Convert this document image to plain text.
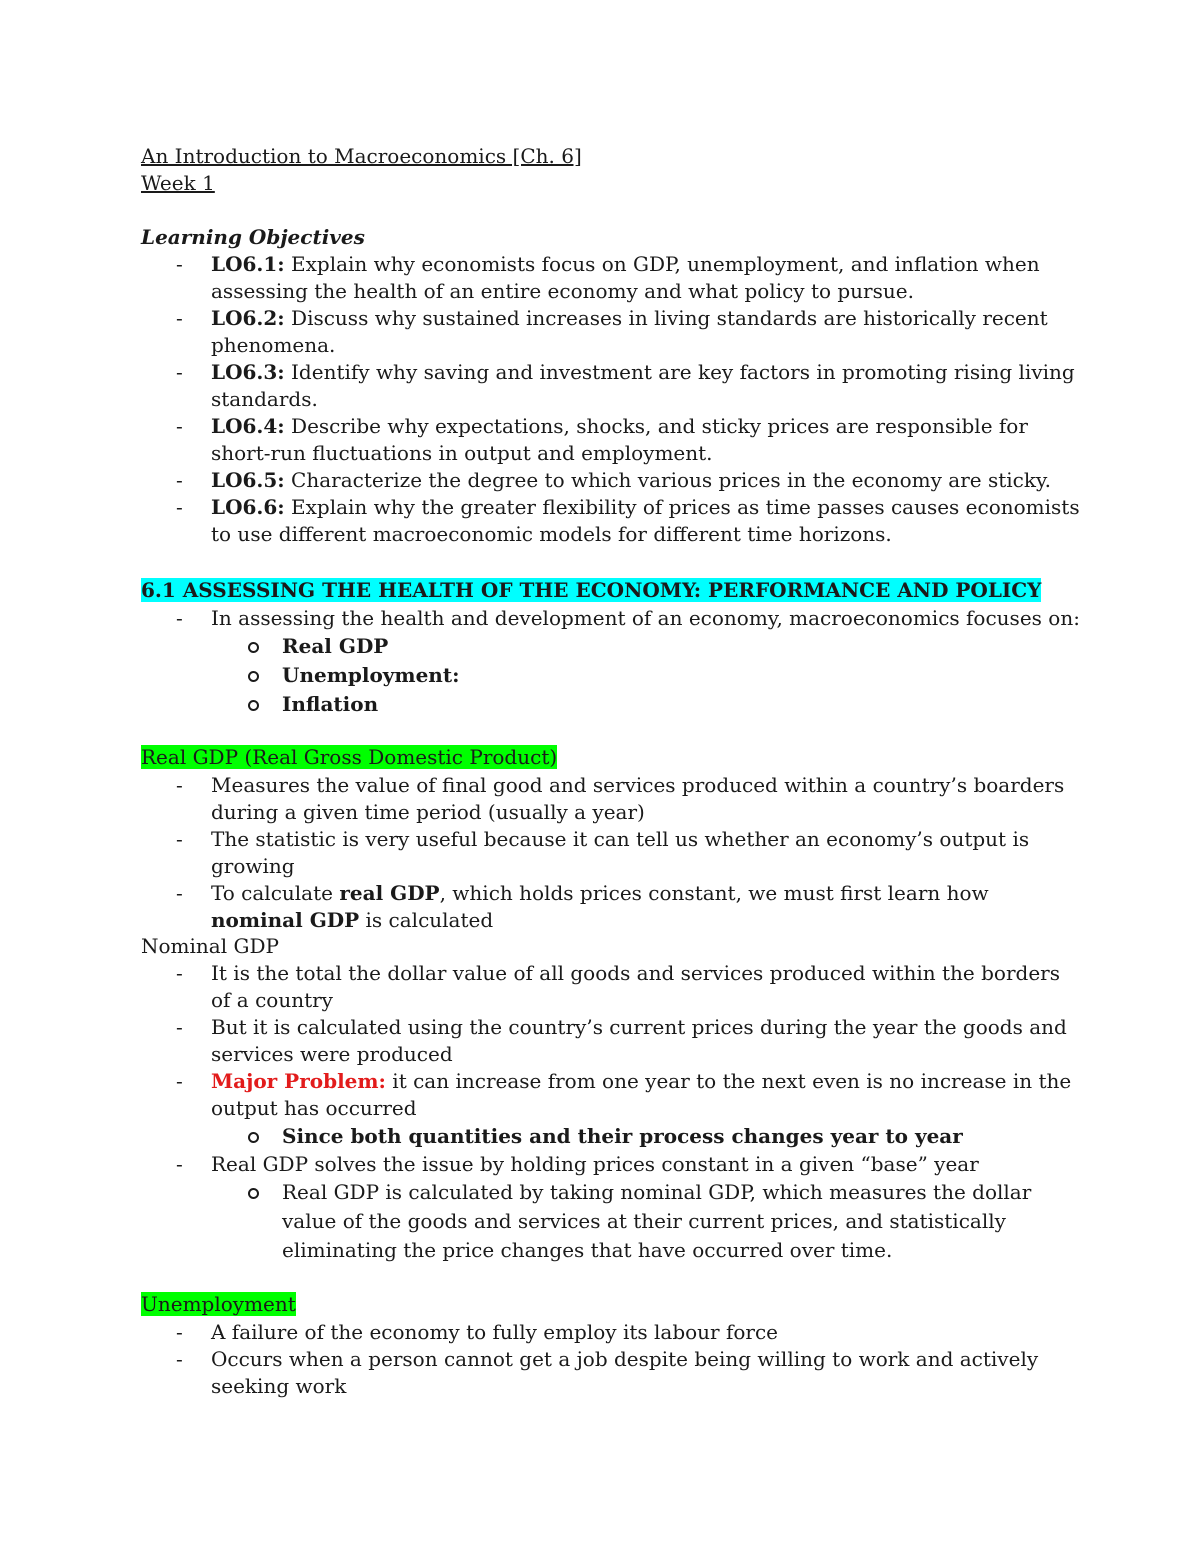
An Introduction to Macroeconomics [Ch. 6]
Week 1
Learning Objectives
- LO6.1: Explain why economists focus on GDP, unemployment, and inflation when assessing the health of an entire economy and what policy to pursue.
- LO6.2: Discuss why sustained increases in living standards are historically recent phenomena.
- LO6.3: Identify why saving and investment are key factors in promoting rising living standards.
- LO6.4: Describe why expectations, shocks, and sticky prices are responsible for short-run fluctuations in output and employment.
- LO6.5: Characterize the degree to which various prices in the economy are sticky.
- LO6.6: Explain why the greater flexibility of prices as time passes causes economists to use different macroeconomic models for different time horizons.
6.1 ASSESSING THE HEALTH OF THE ECONOMY: PERFORMANCE AND POLICY
- In assessing the health and development of an economy, macroeconomics focuses on:
Real GDP
Unemployment:
Inflation
Real GDP (Real Gross Domestic Product)
- Measures the value of final good and services produced within a country’s boarders during a given time period (usually a year)
- The statistic is very useful because it can tell us whether an economy’s output is growing
- To calculate real GDP, which holds prices constant, we must first learn how nominal GDP is calculated
Nominal GDP
- It is the total the dollar value of all goods and services produced within the borders of a country
- But it is calculated using the country’s current prices during the year the goods and services were produced
- Major Problem: it can increase from one year to the next even is no increase in the output has occurred
Since both quantities and their process changes year to year
- Real GDP solves the issue by holding prices constant in a given “base” year
Real GDP is calculated by taking nominal GDP, which measures the dollar value of the goods and services at their current prices, and statistically eliminating the price changes that have occurred over time.
Unemployment
- A failure of the economy to fully employ its labour force
- Occurs when a person cannot get a job despite being willing to work and actively seeking work
